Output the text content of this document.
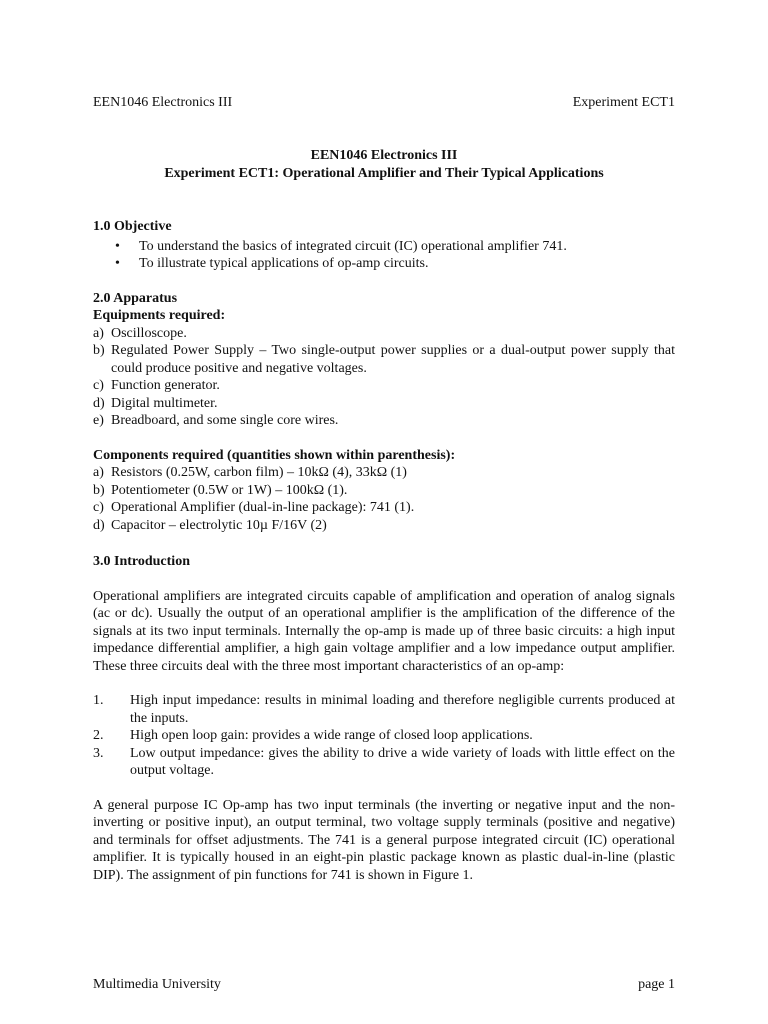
EEN1046 Electronics III	Experiment ECT1
EEN1046 Electronics III
Experiment ECT1: Operational Amplifier and Their Typical Applications
1.0 Objective
• To understand the basics of integrated circuit (IC) operational amplifier 741.
• To illustrate typical applications of op-amp circuits.
2.0 Apparatus
Equipments required:
a) Oscilloscope.
b) Regulated Power Supply – Two single-output power supplies or a dual-output power supply that could produce positive and negative voltages.
c) Function generator.
d) Digital multimeter.
e) Breadboard, and some single core wires.
Components required (quantities shown within parenthesis):
a) Resistors (0.25W, carbon film) – 10kΩ (4), 33kΩ (1)
b) Potentiometer (0.5W or 1W) – 100kΩ (1).
c) Operational Amplifier (dual-in-line package): 741 (1).
d) Capacitor – electrolytic 10µ F/16V (2)
3.0 Introduction

Operational amplifiers are integrated circuits capable of amplification and operation of analog signals (ac or dc). Usually the output of an operational amplifier is the amplification of the difference of the signals at its two input terminals. Internally the op-amp is made up of three basic circuits: a high input impedance differential amplifier, a high gain voltage amplifier and a low impedance output amplifier. These three circuits deal with the three most important characteristics of an op-amp:

1. High input impedance: results in minimal loading and therefore negligible currents produced at the inputs.
2. High open loop gain: provides a wide range of closed loop applications.
3. Low output impedance: gives the ability to drive a wide variety of loads with little effect on the output voltage.

A general purpose IC Op-amp has two input terminals (the inverting or negative input and the non-inverting or positive input), an output terminal, two voltage supply terminals (positive and negative) and terminals for offset adjustments. The 741 is a general purpose integrated circuit (IC) operational amplifier. It is typically housed in an eight-pin plastic package known as plastic dual-in-line (plastic DIP). The assignment of pin functions for 741 is shown in Figure 1.

Multimedia University	page 1
